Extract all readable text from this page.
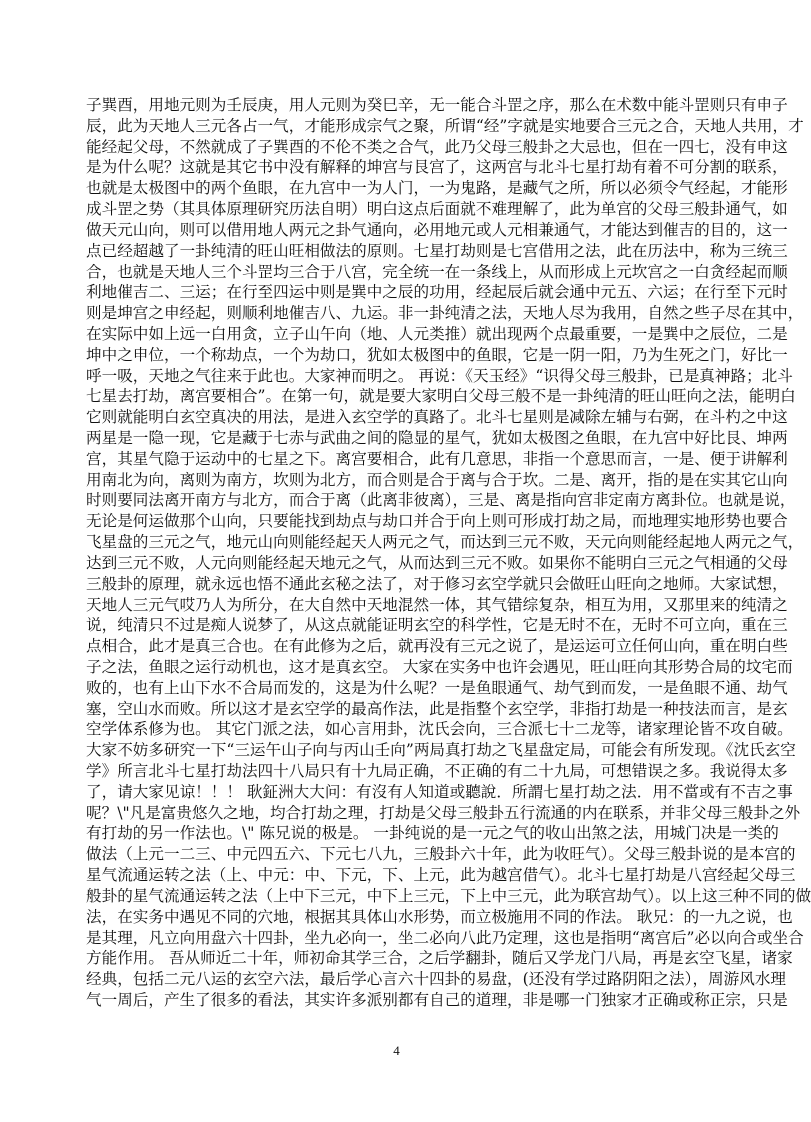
子巽酉，用地元则为壬辰庚，用人元则为癸巳辛，无一能合斗罡之序，那么在术数中能斗罡则只有申子
辰，此为天地人三元各占一气，才能形成宗气之聚，所谓“经”字就是实地要合三元之合，天地人共用，才
能经起父母，不然就成了子巽酉的不伦不类之合气，此乃父母三般卦之大忌也，但在一四七，没有申这
是为什么呢？这就是其它书中没有解释的坤宫与艮宫了，这两宫与北斗七星打劫有着不可分割的联系，
也就是太极图中的两个鱼眼，在九宫中一为人门，一为鬼路，是藏气之所，所以必须令气经起，才能形
成斗罡之势（其具体原理研究历法自明）明白这点后面就不难理解了，此为单宫的父母三般卦通气，如
做天元山向，则可以借用地人两元之卦气通向，必用地元或人元相兼通气，才能达到催吉的目的，这一
点已经超越了一卦纯清的旺山旺相做法的原则。七星打劫则是七宫借用之法，此在历法中，称为三统三
合，也就是天地人三个斗罡均三合于八宫，完全统一在一条线上，从而形成上元坎宫之一白贪经起而顺
利地催吉二、三运；在行至四运中则是巽中之辰的功用，经起辰后就会通中元五、六运；在行至下元时
则是坤宫之申经起，则顺利地催吉八、九运。非一卦纯清之法，天地人尽为我用，自然之些子尽在其中，
在实际中如上远一白用贪，立子山午向（地、人元类推）就出现两个点最重要，一是巽中之辰位，二是
坤中之申位，一个称劫点，一个为劫口，犹如太极图中的鱼眼，它是一阴一阳，乃为生死之门，好比一
呼一吸，天地之气往来于此也。大家神而明之。 再说：《天玉经》“识得父母三般卦，已是真神路；北斗
七星去打劫，离宫要相合”。在第一句，就是要大家明白父母三般不是一卦纯清的旺山旺向之法，能明白
它则就能明白玄空真决的用法，是进入玄空学的真路了。北斗七星则是减除左辅与右弼，在斗杓之中这
两星是一隐一现，它是藏于七赤与武曲之间的隐显的星气，犹如太极图之鱼眼，在九宫中好比艮、坤两
宫，其星气隐于运动中的七星之下。离宫要相合，此有几意思，非指一个意思而言，一是、便于讲解利
用南北为向，离则为南方，坎则为北方，而合则是合于离与合于坎。二是、离开，指的是在实其它山向
时则要同法离开南方与北方，而合于离（此离非彼离），三是、离是指向宫非定南方离卦位。也就是说，
无论是何运做那个山向，只要能找到劫点与劫口并合于向上则可形成打劫之局，而地理实地形势也要合
飞星盘的三元之气，地元山向则能经起天人两元之气，而达到三元不败，天元向则能经起地人两元之气，
达到三元不败，人元向则能经起天地元之气，从而达到三元不败。如果你不能明白三元之气相通的父母
三般卦的原理，就永远也悟不通此玄秘之法了，对于修习玄空学就只会做旺山旺向之地师。大家试想，
天地人三元气哎乃人为所分，在大自然中天地混然一体，其气错综复杂，相互为用，又那里来的纯清之
说，纯清只不过是痴人说梦了，从这点就能证明玄空的科学性，它是无时不在，无时不可立向，重在三
点相合，此才是真三合也。在有此修为之后，就再没有三元之说了，是运运可立任何山向，重在明白些
子之法，鱼眼之运行动机也，这才是真玄空。 大家在实务中也许会遇见，旺山旺向其形势合局的坟宅而
败的，也有上山下水不合局而发的，这是为什么呢？一是鱼眼通气、劫气到而发，一是鱼眼不通、劫气
塞，空山水而败。所以这才是玄空学的最高作法，此是指整个玄空学，非指打劫是一种技法而言，是玄
空学体系修为也。 其它门派之法，如心言用卦，沈氏会向，三合派七十二龙等，诸家理论皆不攻自破。
大家不妨多研究一下“三运午山子向与丙山壬向”两局真打劫之飞星盘定局，可能会有所发现。《沈氏玄空
学》所言北斗七星打劫法四十八局只有十九局正确，不正确的有二十九局，可想错误之多。我说得太多
了，请大家见谅！！！ 耿鉦洲大大问：有沒有人知道或聽說．所謂七星打劫之法．用不當或有不吉之事
呢？\"凡是富贵悠久之地，均合打劫之理，打劫是父母三般卦五行流通的内在联系，并非父母三般卦之外
有打劫的另一作法也。\" 陈兄说的极是。 一卦纯说的是一元之气的收山出煞之法，用城门决是一类的
做法（上元一二三、中元四五六、下元七八九，三般卦六十年，此为收旺气）。父母三般卦说的是本宫的
星气流通运转之法（上、中元：中、下元，下、上元，此为越宫借气）。北斗七星打劫是八宫经起父母三
般卦的星气流通运转之法（上中下三元，中下上三元，下上中三元，此为联宫劫气）。以上这三种不同的做
法，在实务中遇见不同的穴地，根据其具体山水形势，而立极施用不同的作法。 耿兄：的一九之说，也
是其理，凡立向用盘六十四卦，坐九必向一，坐二必向八此乃定理，这也是指明“离宫后”必以向合或坐合
方能作用。 吾从师近二十年，师初命其学三合，之后学翻卦，随后又学龙门八局，再是玄空飞星，诸家
经典，包括二元八运的玄空六法，最后学心言六十四卦的易盘，(还没有学过路阴阳之法），周游风水理
气一周后，产生了很多的看法，其实许多派别都有自己的道理，非是哪一门独家才正确或称正宗，只是
4
